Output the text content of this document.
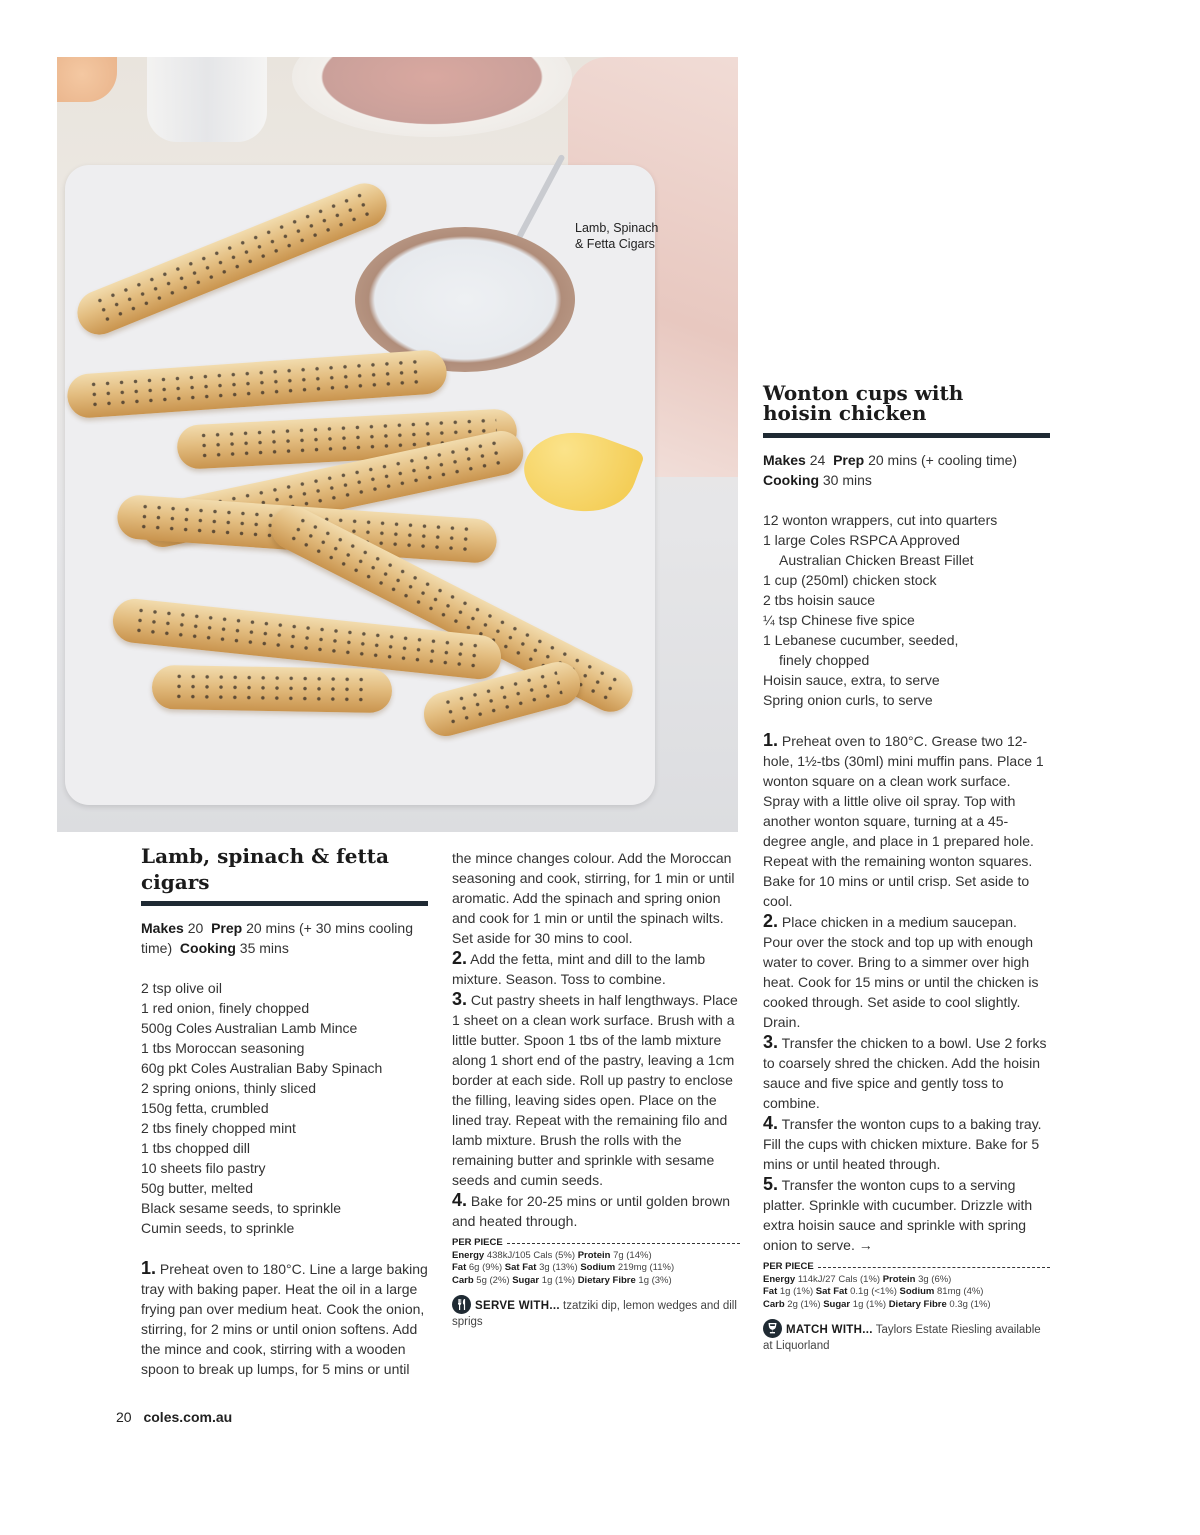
Lamb, Spinach
& Fetta Cigars
Lamb, spinach & fetta cigars
Makes 20 Prep 20 mins (+ 30 mins cooling time) Cooking 35 mins
2 tsp olive oil
1 red onion, finely chopped
500g Coles Australian Lamb Mince
1 tbs Moroccan seasoning
60g pkt Coles Australian Baby Spinach
2 spring onions, thinly sliced
150g fetta, crumbled
2 tbs finely chopped mint
1 tbs chopped dill
10 sheets filo pastry
50g butter, melted
Black sesame seeds, to sprinkle
Cumin seeds, to sprinkle

1. Preheat oven to 180°C. Line a large baking tray with baking paper. Heat the oil in a large frying pan over medium heat. Cook the onion, stirring, for 2 mins or until onion softens. Add the mince and cook, stirring with a wooden spoon to break up lumps, for 5 mins or until

the mince changes colour. Add the Moroccan seasoning and cook, stirring, for 1 min or until aromatic. Add the spinach and spring onion and cook for 1 min or until the spinach wilts. Set aside for 30 mins to cool.

2. Add the fetta, mint and dill to the lamb mixture. Season. Toss to combine.

3. Cut pastry sheets in half lengthways. Place 1 sheet on a clean work surface. Brush with a little butter. Spoon 1 tbs of the lamb mixture along 1 short end of the pastry, leaving a 1cm border at each side. Roll up pastry to enclose the filling, leaving sides open. Place on the lined tray. Repeat with the remaining filo and lamb mixture. Brush the rolls with the remaining butter and sprinkle with sesame seeds and cumin seeds.

4. Bake for 20-25 mins or until golden brown and heated through.

PER PIECE
Energy 438kJ/105 Cals (5%) Protein 7g (14%)
Fat 6g (9%) Sat Fat 3g (13%) Sodium 219mg (11%)
Carb 5g (2%) Sugar 1g (1%) Dietary Fibre 1g (3%)
SERVE WITH... tzatziki dip, lemon wedges and dill sprigs
Wonton cups with
hoisin chicken
Makes 24 Prep 20 mins (+ cooling time)  Cooking 30 mins
12 wonton wrappers, cut into quarters
1 large Coles RSPCA Approved
Australian Chicken Breast Fillet
1 cup (250ml) chicken stock
2 tbs hoisin sauce
¼ tsp Chinese five spice
1 Lebanese cucumber, seeded,
finely chopped
Hoisin sauce, extra, to serve
Spring onion curls, to serve

1. Preheat oven to 180°C. Grease two 12-hole, 1½-tbs (30ml) mini muffin pans. Place 1 wonton square on a clean work surface. Spray with a little olive oil spray. Top with another wonton square, turning at a 45-degree angle, and place in 1 prepared hole. Repeat with the remaining wonton squares. Bake for 10 mins or until crisp. Set aside to cool.

2. Place chicken in a medium saucepan. Pour over the stock and top up with enough water to cover. Bring to a simmer over high heat. Cook for 15 mins or until the chicken is cooked through. Set aside to cool slightly. Drain.

3. Transfer the chicken to a bowl. Use 2 forks to coarsely shred the chicken. Add the hoisin sauce and five spice and gently toss to combine.

4. Transfer the wonton cups to a baking tray. Fill the cups with chicken mixture. Bake for 5 mins or until heated through.

5. Transfer the wonton cups to a serving platter. Sprinkle with cucumber. Drizzle with extra hoisin sauce and sprinkle with spring onion to serve. →

PER PIECE
Energy 114kJ/27 Cals (1%) Protein 3g (6%)
Fat 1g (1%) Sat Fat 0.1g (<1%) Sodium 81mg (4%)
Carb 2g (1%) Sugar 1g (1%) Dietary Fibre 0.3g (1%)
MATCH WITH... Taylors Estate Riesling available at Liquorland
20 coles.com.au
